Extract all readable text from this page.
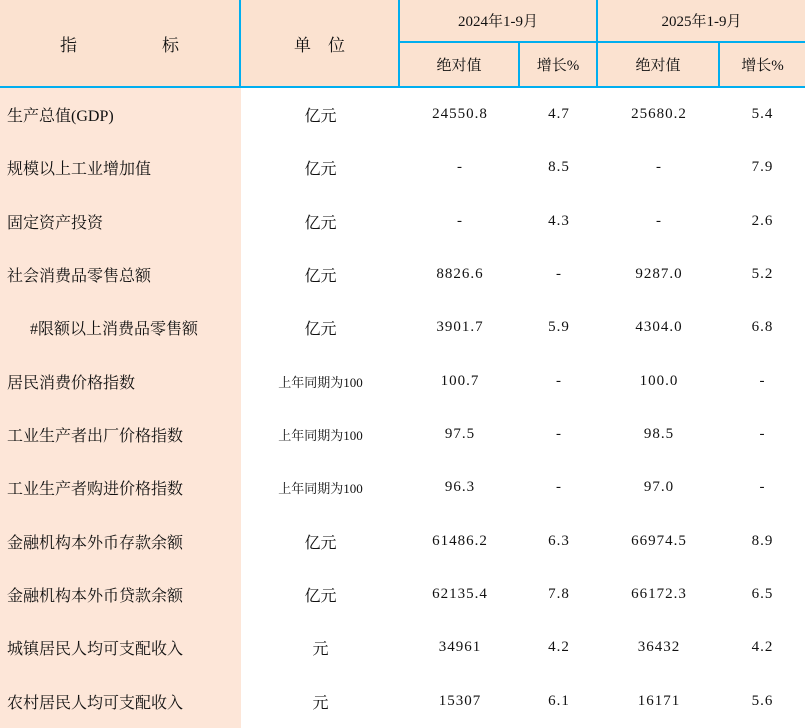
指　　　　　标	单　位
2024年1-9月	2025年1-9月
绝对值	增长%	绝对值	增长%
生产总值(GDP)	亿元	24550.8	4.7	25680.2	5.4
规模以上工业增加值	亿元	-	8.5	-	7.9
固定资产投资	亿元	-	4.3	-	2.6
社会消费品零售总额	亿元	8826.6	-	9287.0	5.2
#限额以上消费品零售额	亿元	3901.7	5.9	4304.0	6.8
居民消费价格指数	上年同期为100	100.7	-	100.0	-
工业生产者出厂价格指数	上年同期为100	97.5	-	98.5	-
工业生产者购进价格指数	上年同期为100	96.3	-	97.0	-
金融机构本外币存款余额	亿元	61486.2	6.3	66974.5	8.9
金融机构本外币贷款余额	亿元	62135.4	7.8	66172.3	6.5
城镇居民人均可支配收入	元	34961	4.2	36432	4.2
农村居民人均可支配收入	元	15307	6.1	16171	5.6
